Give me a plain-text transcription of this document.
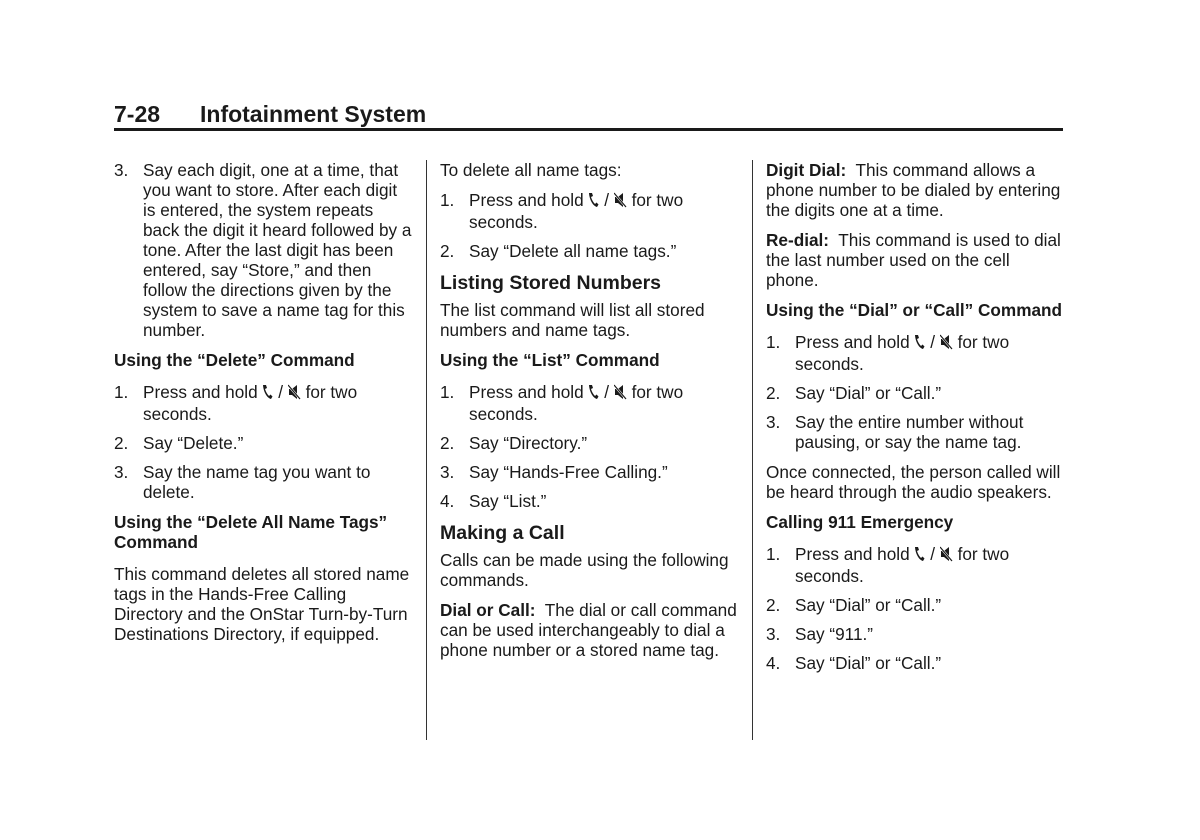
7-28 Infotainment System
3. Say each digit, one at a time, that you want to store. After each digit is entered, the system repeats back the digit it heard followed by a tone. After the last digit has been entered, say “Store,” and then follow the directions given by the system to save a name tag for this number.

Using the “Delete” Command

1. Press and hold / for two seconds.
2. Say “Delete.”
3. Say the name tag you want to delete.

Using the “Delete All Name Tags” Command

This command deletes all stored name tags in the Hands-Free Calling Directory and the OnStar Turn-by-Turn Destinations Directory, if equipped.

To delete all name tags:

1. Press and hold / for two seconds.
2. Say “Delete all name tags.”

Listing Stored Numbers

The list command will list all stored numbers and name tags.

Using the “List” Command

1. Press and hold / for two seconds.
2. Say “Directory.”
3. Say “Hands-Free Calling.”
4. Say “List.”

Making a Call

Calls can be made using the following commands.

Dial or Call: The dial or call command can be used interchangeably to dial a phone number or a stored name tag.

Digit Dial: This command allows a phone number to be dialed by entering the digits one at a time.

Re-dial: This command is used to dial the last number used on the cell phone.

Using the “Dial” or “Call” Command

1. Press and hold / for two seconds.
2. Say “Dial” or “Call.”
3. Say the entire number without pausing, or say the name tag.

Once connected, the person called will be heard through the audio speakers.

Calling 911 Emergency

1. Press and hold / for two seconds.
2. Say “Dial” or “Call.”
3. Say “911.”
4. Say “Dial” or “Call.”
